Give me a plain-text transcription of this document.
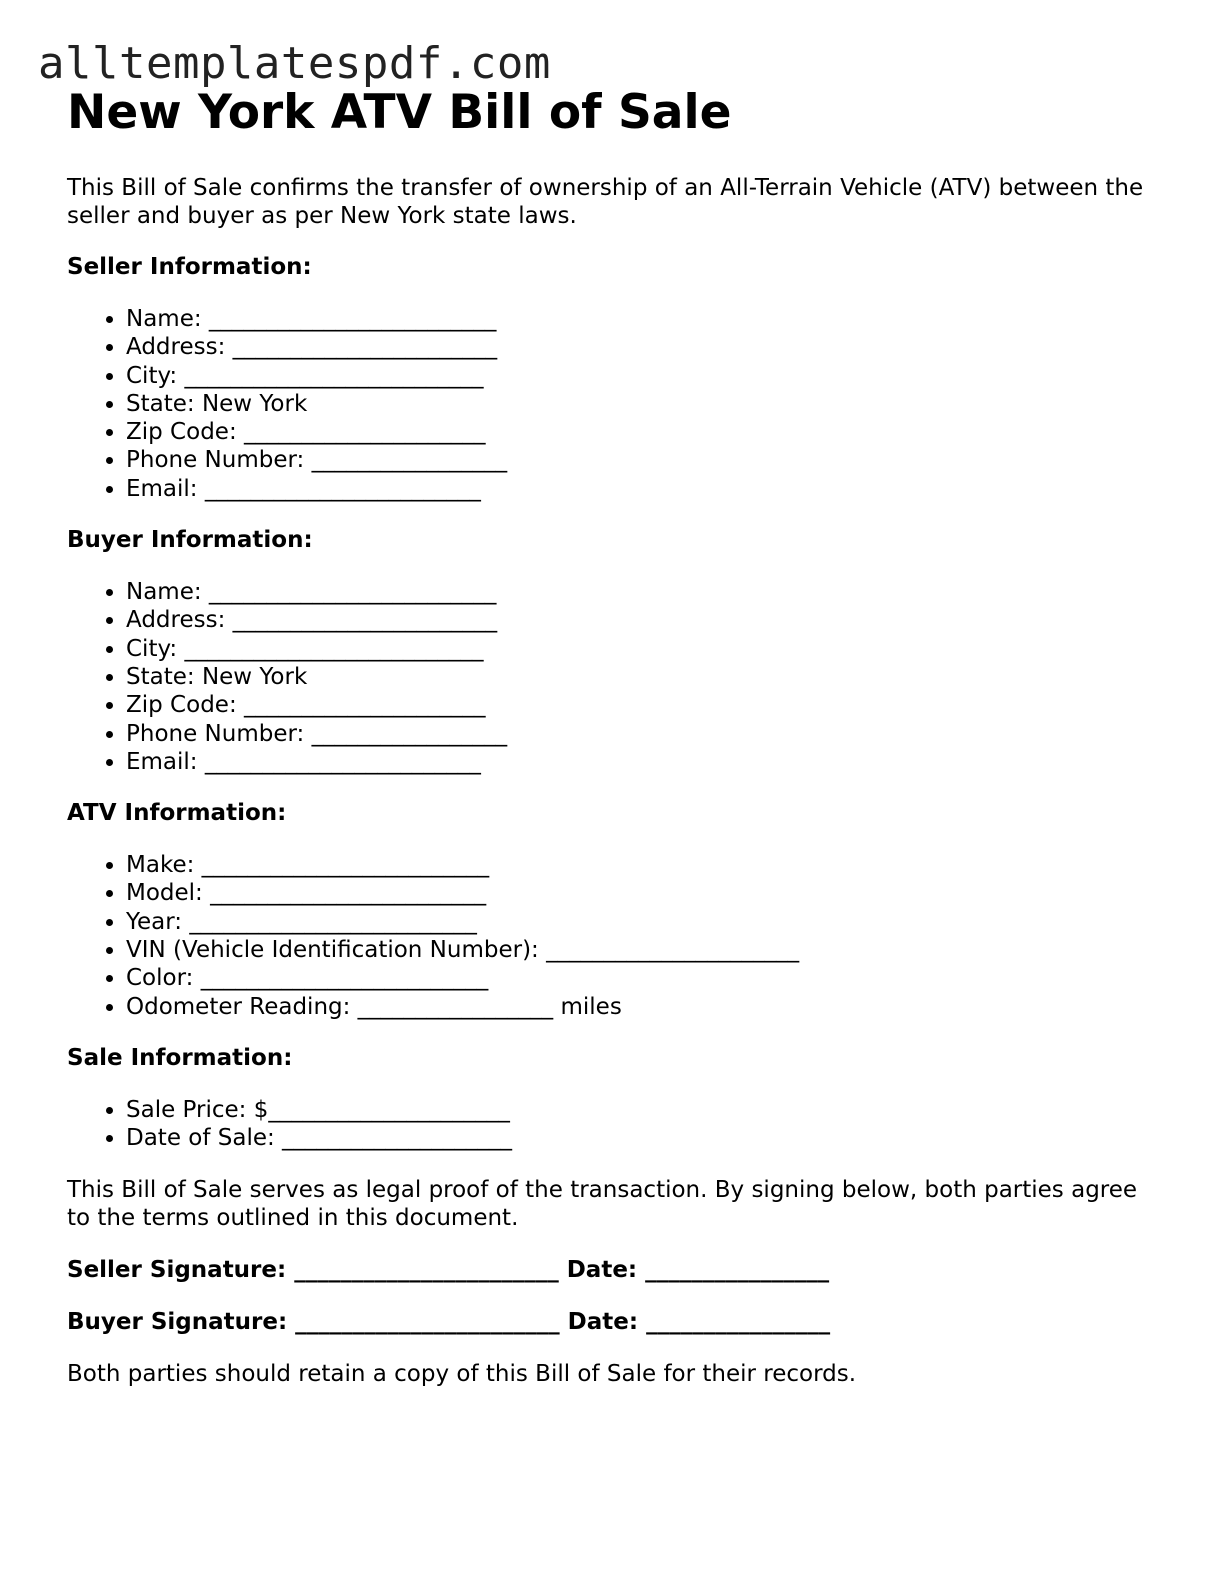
alltemplatespdf.com
New York ATV Bill of Sale

This Bill of Sale confirms the transfer of ownership of an All-Terrain Vehicle (ATV) between the seller and buyer as per New York state laws.

Seller Information:
• Name: _________________________
• Address: _______________________
• City: __________________________
• State: New York
• Zip Code: _____________________
• Phone Number: _________________
• Email: ________________________
Buyer Information:
• Name: _________________________
• Address: _______________________
• City: __________________________
• State: New York
• Zip Code: _____________________
• Phone Number: _________________
• Email: ________________________
ATV Information:
• Make: _________________________
• Model: ________________________
• Year: _________________________
• VIN (Vehicle Identification Number): ______________________
• Color: _________________________
• Odometer Reading: _________________ miles
Sale Information:
• Sale Price: $_____________________
• Date of Sale: ____________________

This Bill of Sale serves as legal proof of the transaction. By signing below, both parties agree to the terms outlined in this document.

Seller Signature: _______________________ Date: ________________
Buyer Signature: _______________________ Date: ________________

Both parties should retain a copy of this Bill of Sale for their records.
